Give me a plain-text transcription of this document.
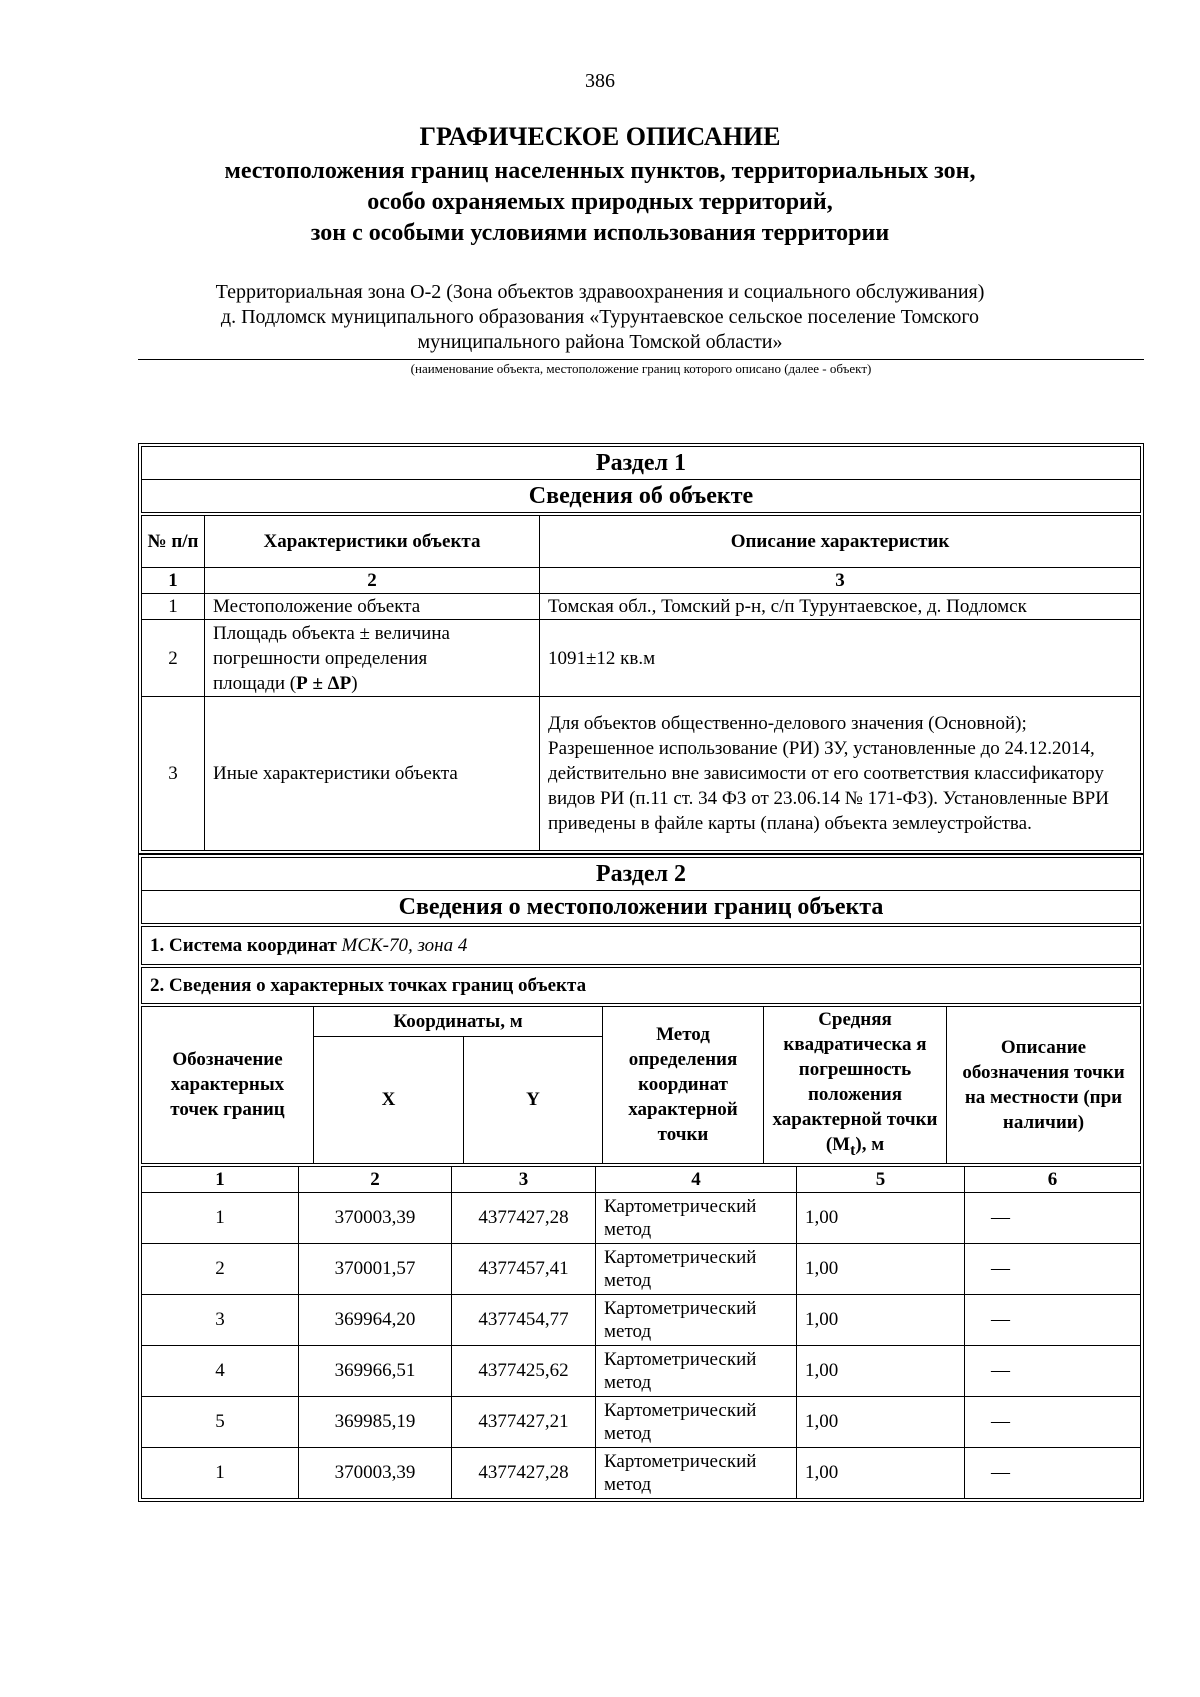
386
ГРАФИЧЕСКОЕ ОПИСАНИЕ
местоположения границ населенных пунктов, территориальных зон,
особо охраняемых природных территорий,
зон с особыми условиями использования территории
Территориальная зона О-2 (Зона объектов здравоохранения и социального обслуживания)
д. Подломск муниципального образования «Турунтаевское сельское поселение Томского
муниципального района Томской области»
(наименование объекта, местоположение границ которого описано (далее - объект)
Раздел 1
Сведения об объекте
№ п/п	Характеристики объекта	Описание характеристик
1	2	3
1	Местоположение объекта	Томская обл., Томский р-н, с/п Турунтаевское, д. Подломск
2	Площадь объекта ± величина
погрешности определения
площади (Р ± ΔР)	1091±12 кв.м
3	Иные характеристики объекта	Для объектов общественно-делового значения (Основной); Разрешенное использование (РИ) ЗУ, установленные до 24.12.2014, действительно вне зависимости от его соответствия классификатору видов РИ (п.11 ст. 34 ФЗ от 23.06.14 № 171-ФЗ). Установленные ВРИ приведены в файле карты (плана) объекта землеустройства.
Раздел 2
Сведения о местоположении границ объекта
1. Система координат МСК-70, зона 4
2. Сведения о характерных точках границ объекта
Обозначение характерных точек границ	Координаты, м		Метод определения координат характерной точки	Средняя квадратическа я погрешность положения характерной точки $(M_t)$, м	Описание обозначения точки на местности (при наличии)
	X	Y			
1	2	3	4	5	6
1	370003,39	4377427,28	Картометрический метод	1,00	—
2	370001,57	4377457,41	Картометрический метод	1,00	—
3	369964,20	4377454,77	Картометрический метод	1,00	—
4	369966,51	4377425,62	Картометрический метод	1,00	—
5	369985,19	4377427,21	Картометрический метод	1,00	—
1	370003,39	4377427,28	Картометрический метод	1,00	—
